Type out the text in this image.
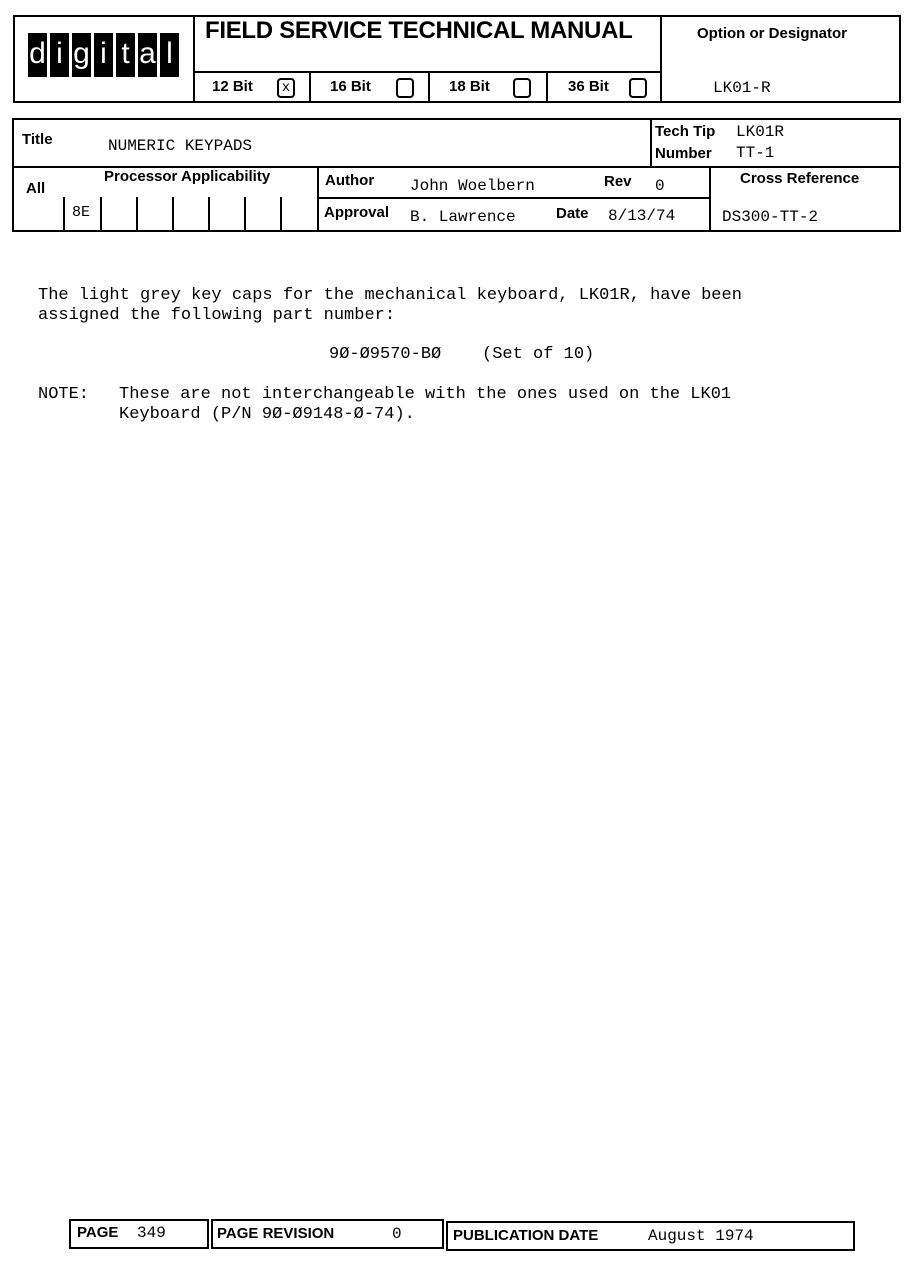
d i g i t a l
FIELD SERVICE TECHNICAL MANUAL
12 Bit	x	16 Bit	18 Bit	36 Bit
Option or Designator
LK01-R
Title	NUMERIC KEYPADS
Tech Tip LK01R
Number TT-1
All
Processor Applicability
8E
Author John Woelbern	Rev 0	Cross Reference
Approval B. Lawrence	Date 8/13/74	DS300-TT-2
The light grey key caps for the mechanical keyboard, LK01R, have been
assigned the following part number:
9Ø-Ø9570-BØ    (Set of 10)
NOTE: These are not interchangeable with the ones used on the LK01
Keyboard (P/N 9Ø-Ø9148-Ø-74).
PAGE 349	PAGE REVISION	0	PUBLICATION DATE	August 1974
